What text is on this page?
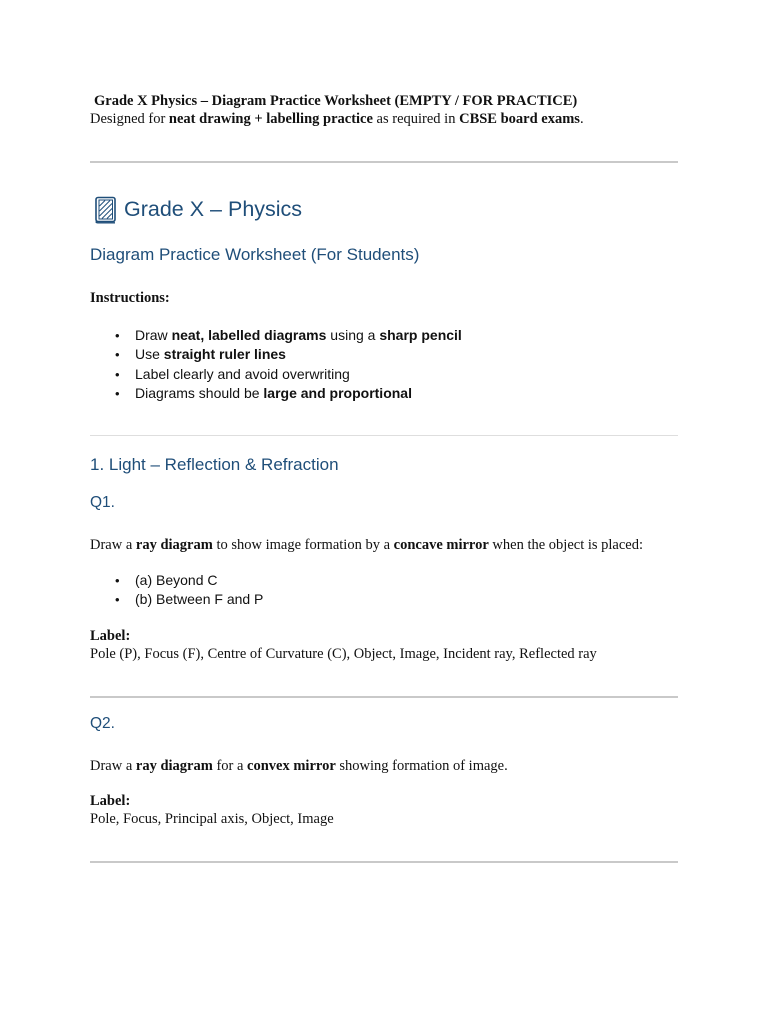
Grade X Physics – Diagram Practice Worksheet (EMPTY / FOR PRACTICE)
Designed for neat drawing + labelling practice as required in CBSE board exams.
Grade X – Physics
Diagram Practice Worksheet (For Students)
Instructions:
• Draw neat, labelled diagrams using a sharp pencil
• Use straight ruler lines
• Label clearly and avoid overwriting
• Diagrams should be large and proportional
1. Light – Reflection & Refraction
Q1.
Draw a ray diagram to show image formation by a concave mirror when the object is placed:
• (a) Beyond C
• (b) Between F and P
Label:
Pole (P), Focus (F), Centre of Curvature (C), Object, Image, Incident ray, Reflected ray
Q2.
Draw a ray diagram for a convex mirror showing formation of image.
Label:
Pole, Focus, Principal axis, Object, Image
